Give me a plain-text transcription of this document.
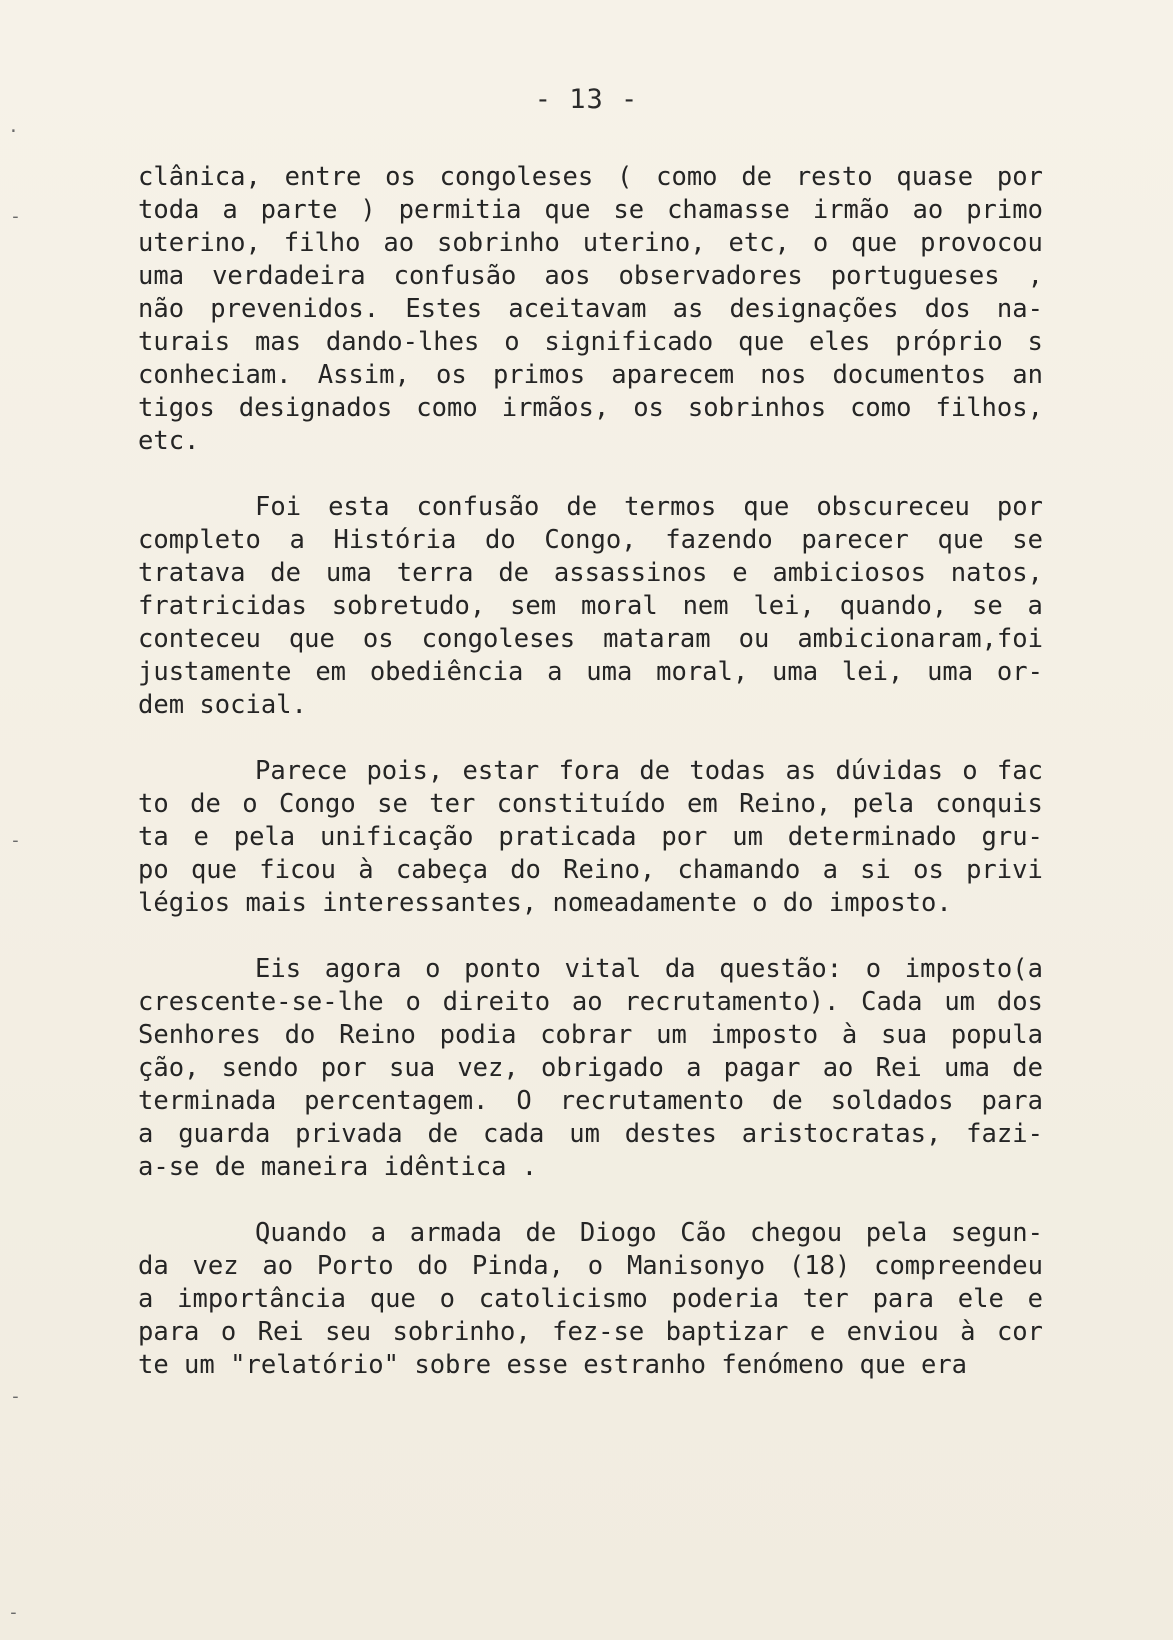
- 13 -
clânica, entre os congoleses ( como de resto quase por
toda a parte ) permitia que se chamasse irmão ao primo
uterino, filho ao sobrinho uterino, etc, o que provocou
uma verdadeira confusão aos observadores portugueses ,
não prevenidos. Estes aceitavam as designações dos na-
turais mas dando-lhes o significado que eles próprio s
conheciam. Assim, os primos aparecem nos documentos an
tigos designados como irmãos, os sobrinhos como filhos,
etc.
Foi esta confusão de termos que obscureceu por
completo a História do Congo, fazendo parecer que se
tratava de uma terra de assassinos e ambiciosos natos,
fratricidas sobretudo, sem moral nem lei, quando, se a
conteceu que os congoleses mataram ou ambicionaram,foi
justamente em obediência a uma moral, uma lei, uma or-
dem social.
Parece pois, estar fora de todas as dúvidas o fac
to de o Congo se ter constituído em Reino, pela conquis
ta e pela unificação praticada por um determinado gru-
po que ficou à cabeça do Reino, chamando a si os privi
légios mais interessantes, nomeadamente o do imposto.
Eis agora o ponto vital da questão: o imposto(a
crescente-se-lhe o direito ao recrutamento). Cada um dos
Senhores do Reino podia cobrar um imposto à sua popula
ção, sendo por sua vez, obrigado a pagar ao Rei uma de
terminada percentagem. O recrutamento de soldados para
a guarda privada de cada um destes aristocratas, fazi-
a-se de maneira idêntica .
Quando a armada de Diogo Cão chegou pela segun-
da vez ao Porto do Pinda, o Manisonyo (18) compreendeu
a importância que o catolicismo poderia ter para ele e
para o Rei seu sobrinho, fez-se baptizar e enviou à cor
te um "relatório" sobre esse estranho fenómeno que era
.
-
-
-
-
